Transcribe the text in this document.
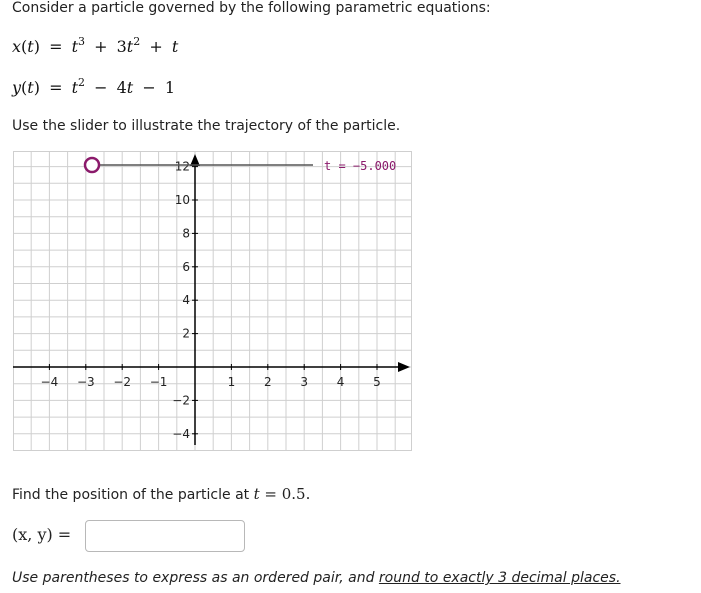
Consider a particle governed by the following parametric equations:
$x(t) = t^3 + 3t^2 + t$
$y(t) = t^2 - 4t - 1$
Use the slider to illustrate the trajectory of the particle.
−4 −3 −2 −1	1 2 3 4 5
−4
−2
2
4
6
8
10
12	t = −5.000
Find the position of the particle at t = 0.5.
(x, y) =
Use parentheses to express as an ordered pair, and round to exactly 3 decimal places.
